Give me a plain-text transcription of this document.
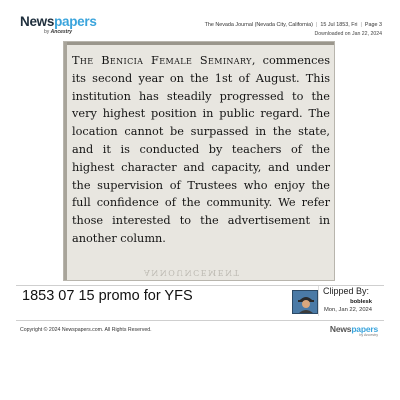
Newspapers
by Ancestry
The Nevada Journal (Nevada City, California) | 15 Jul 1853, Fri | Page 3
Downloaded on Jan 22, 2024
The Benicia Female Seminary, commences its second year on the 1st of August. This institution has steadily progressed to the very highest position in public regard. The location cannot be surpassed in the state, and it is conducted by teachers of the highest character and capacity, and under the supervision of Trustees who enjoy the full confidence of the community. We refer those interested to the advertisement in another column.
ANNOUNCEMENT
1853 07 15 promo for YFS	Clipped By:
boblesk
Mon, Jan 22, 2024
Copyright © 2024 Newspapers.com. All Rights Reserved.	Newspapers
by Ancestry
